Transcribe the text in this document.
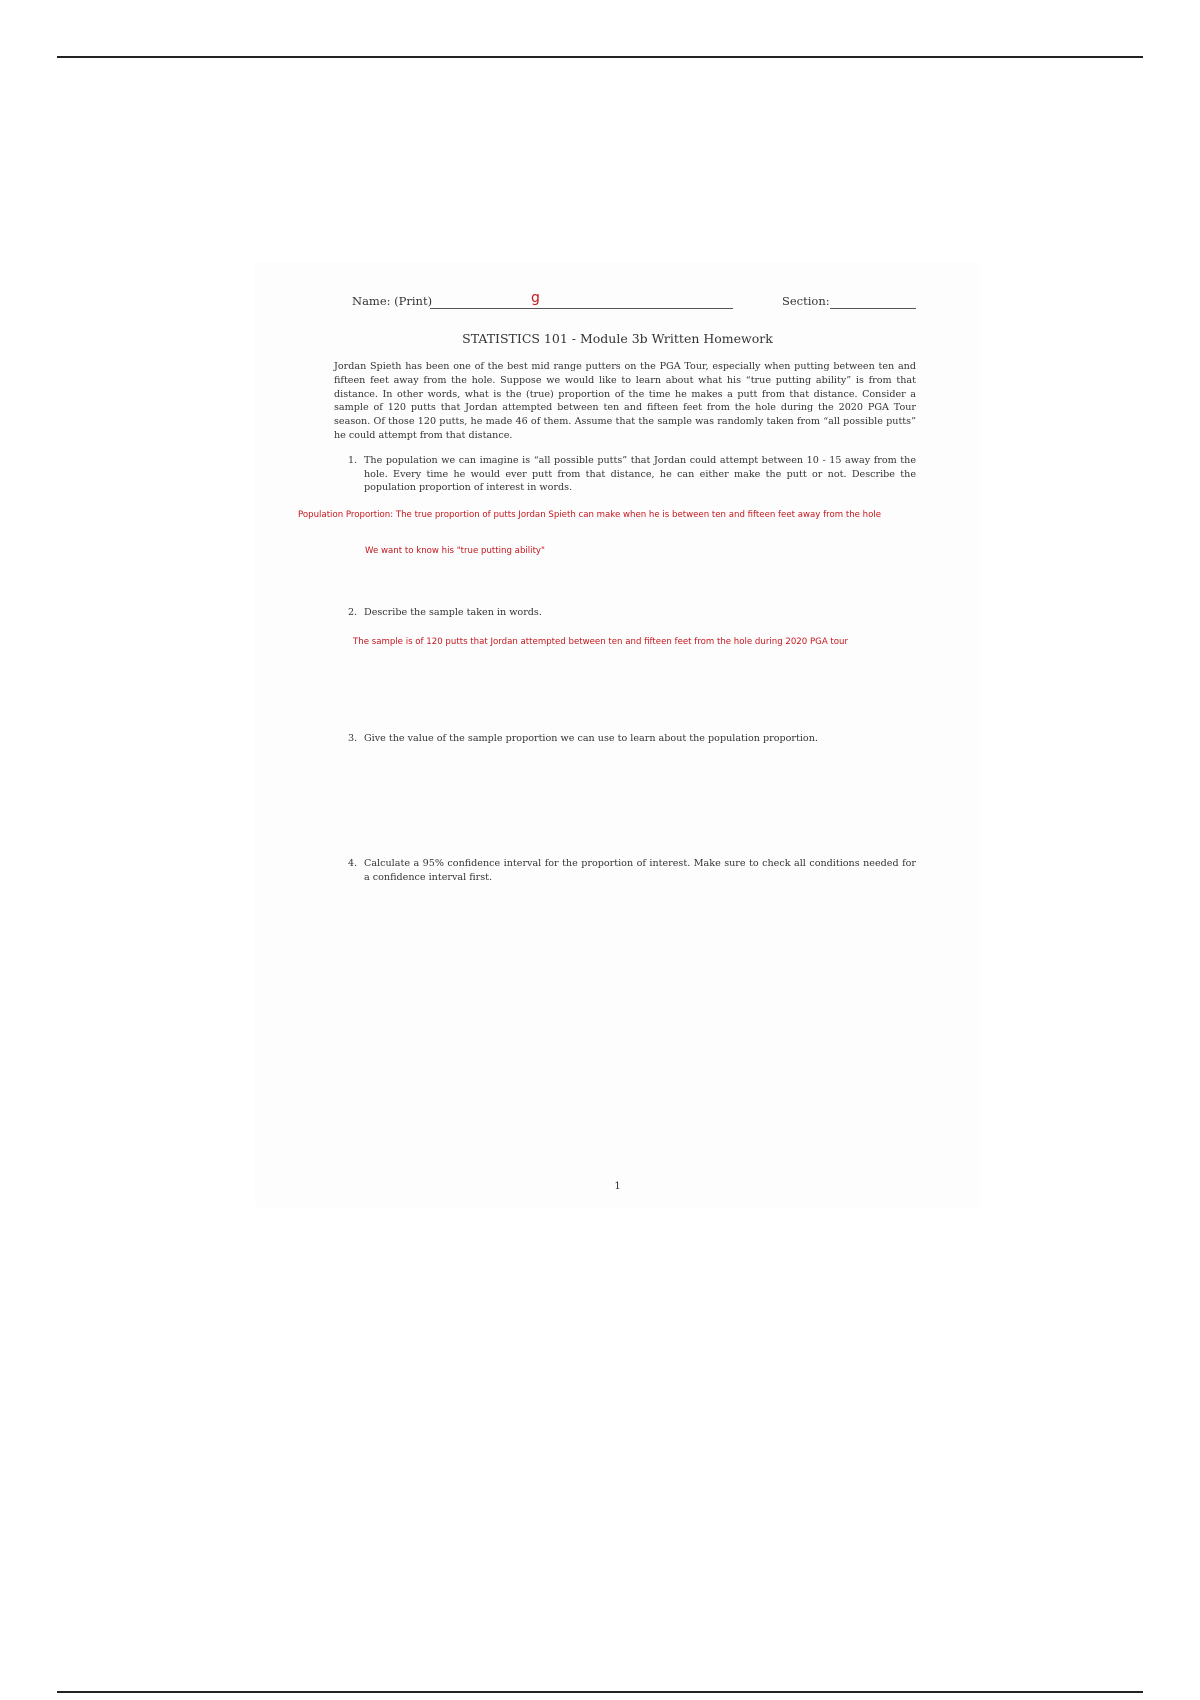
Name: (Print)	g	Section:
STATISTICS 101 - Module 3b Written Homework
Jordan Spieth has been one of the best mid range putters on the PGA Tour, especially when putting between ten and fifteen feet away from the hole. Suppose we would like to learn about what his “true putting ability” is from that distance. In other words, what is the (true) proportion of the time he makes a putt from that distance. Consider a sample of 120 putts that Jordan attempted between ten and fifteen feet from the hole during the 2020 PGA Tour season. Of those 120 putts, he made 46 of them. Assume that the sample was randomly taken from “all possible putts” he could attempt from that distance.
1. The population we can imagine is “all possible putts” that Jordan could attempt between 10 - 15 away from the hole. Every time he would ever putt from that distance, he can either make the putt or not. Describe the population proportion of interest in words.
Population Proportion: The true proportion of putts Jordan Spieth can make when he is between ten and fifteen feet away from the hole
We want to know his "true putting ability"
2. Describe the sample taken in words.
The sample is of 120 putts that Jordan attempted between ten and fifteen feet from the hole during 2020 PGA tour
3. Give the value of the sample proportion we can use to learn about the population proportion.
4. Calculate a 95% confidence interval for the proportion of interest. Make sure to check all conditions needed for a confidence interval first.
1
